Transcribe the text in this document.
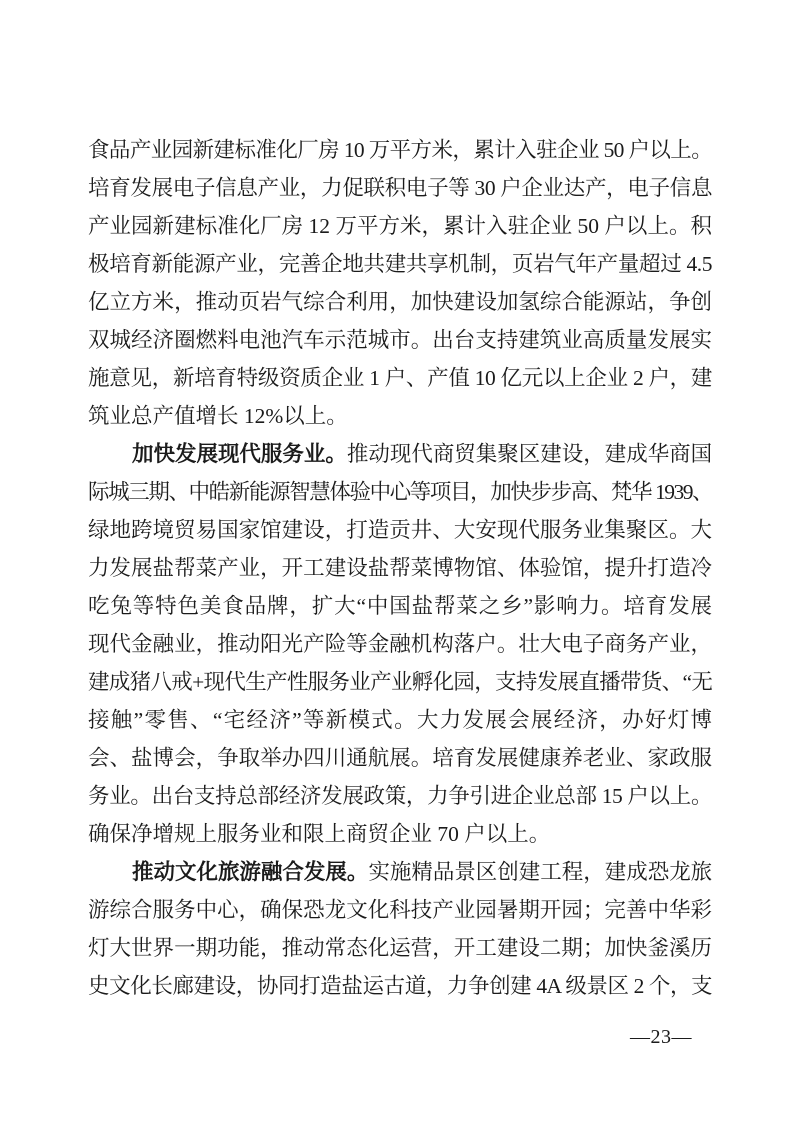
食品产业园新建标准化厂房 10 万平方米，累计入驻企业 50 户以上。
培育发展电子信息产业，力促联积电子等 30 户企业达产，电子信息
产业园新建标准化厂房 12 万平方米，累计入驻企业 50 户以上。积
极培育新能源产业，完善企地共建共享机制，页岩气年产量超过 4.5
亿立方米，推动页岩气综合利用，加快建设加氢综合能源站，争创
双城经济圈燃料电池汽车示范城市。出台支持建筑业高质量发展实
施意见，新培育特级资质企业 1 户、产值 10 亿元以上企业 2 户，建
筑业总产值增长 12%以上。
加快发展现代服务业。推动现代商贸集聚区建设，建成华商国
际城三期、中皓新能源智慧体验中心等项目，加快步步高、梵华 1939、
绿地跨境贸易国家馆建设，打造贡井、大安现代服务业集聚区。大
力发展盐帮菜产业，开工建设盐帮菜博物馆、体验馆，提升打造冷
吃兔等特色美食品牌，扩大“中国盐帮菜之乡”影响力。培育发展
现代金融业，推动阳光产险等金融机构落户。壮大电子商务产业，
建成猪八戒+现代生产性服务业产业孵化园，支持发展直播带货、“无
接触”零售、“宅经济”等新模式。大力发展会展经济，办好灯博
会、盐博会，争取举办四川通航展。培育发展健康养老业、家政服
务业。出台支持总部经济发展政策，力争引进企业总部 15 户以上。
确保净增规上服务业和限上商贸企业 70 户以上。
推动文化旅游融合发展。实施精品景区创建工程，建成恐龙旅
游综合服务中心，确保恐龙文化科技产业园暑期开园；完善中华彩
灯大世界一期功能，推动常态化运营，开工建设二期；加快釜溪历
史文化长廊建设，协同打造盐运古道，力争创建 4A 级景区 2 个，支
—23—
